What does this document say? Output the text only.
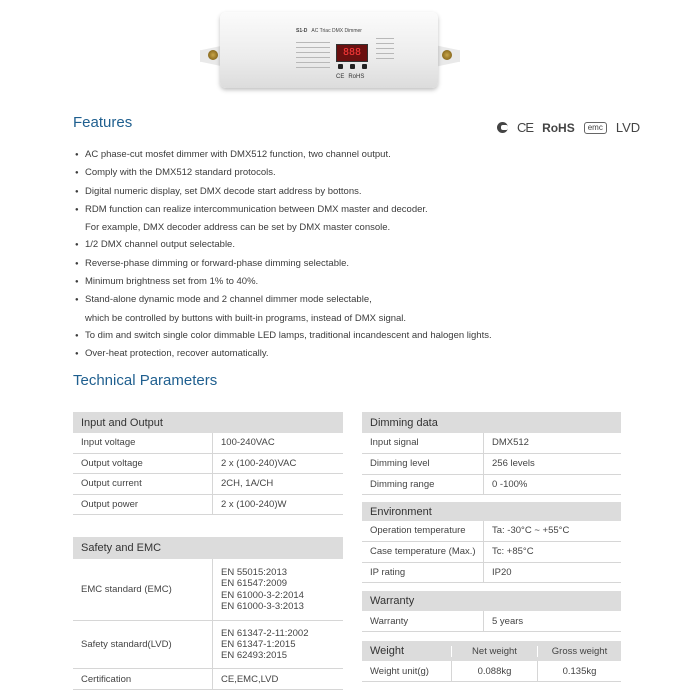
S1-D AC Triac DMX Dimmer
888
CE RoHS
Features	CE RoHS	emc	LVD
● AC phase-cut mosfet dimmer with DMX512 function, two channel output.
● Comply with the DMX512 standard protocols.
● Digital numeric display, set DMX decode start address by bottons.
● RDM function can realize intercommunication between DMX master and decoder.
For example, DMX decoder address can be set by DMX master console.
● 1/2 DMX channel output selectable.
● Reverse-phase dimming or forward-phase dimming selectable.
● Minimum brightness set from 1% to 40%.
● Stand-alone dynamic mode and 2 channel dimmer mode selectable,
which be controlled by buttons with built-in programs, instead of DMX signal.
● To dim and switch single color dimmable LED lamps, traditional incandescent and halogen lights.
● Over-heat protection, recover automatically.
Technical Parameters
Input and Output
Input voltage	100-240VAC
Output voltage	2 x (100-240)VAC
Output current	2CH, 1A/CH
Output power	2 x (100-240)W
Safety and EMC
EMC standard (EMC)
EN 55015:2013
EN 61547:2009
EN 61000-3-2:2014
EN 61000-3-3:2013
Safety standard(LVD)
EN 61347-2-11:2002
EN 61347-1:2015
EN 62493:2015
Certification	CE,EMC,LVD
Dimming data
Input signal	DMX512
Dimming level	256 levels
Dimming range	0 -100%
Environment
Operation temperature	Ta: -30°C ~ +55°C
Case temperature (Max.)	Tc: +85°C
IP rating	IP20
Warranty
Warranty	5 years
Weight	Net weight	Gross weight
Weight unit(g)	0.088kg	0.135kg
